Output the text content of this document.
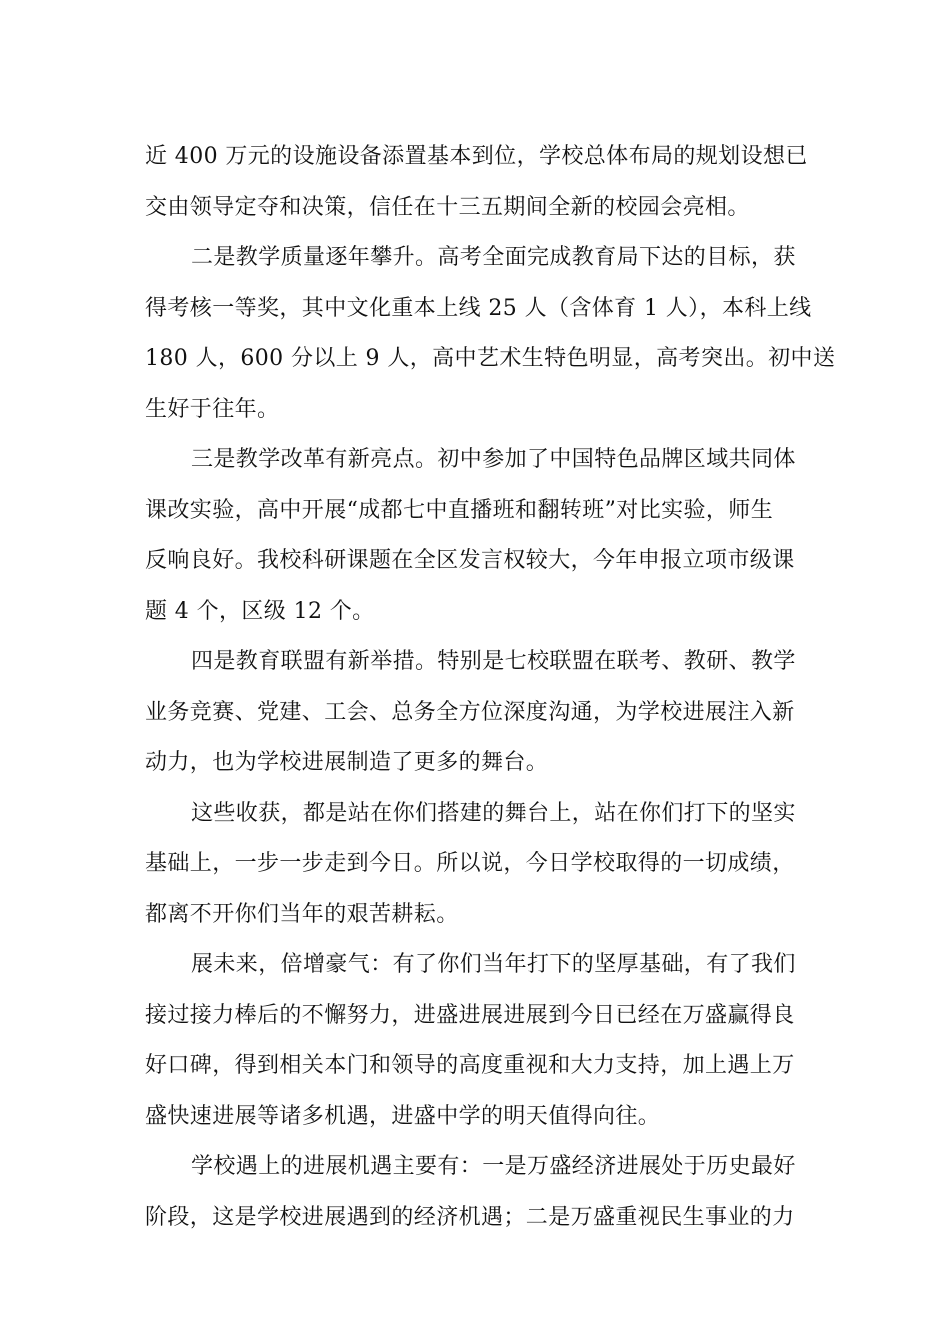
近 400 万元的设施设备添置基本到位，学校总体布局的规划设想已
交由领导定夺和决策，信任在十三五期间全新的校园会亮相。
二是教学质量逐年攀升。高考全面完成教育局下达的目标，获
得考核一等奖，其中文化重本上线 25 人（含体育 1 人），本科上线
180 人，600 分以上 9 人，高中艺术生特色明显，高考突出。初中送
生好于往年。
三是教学改革有新亮点。初中参加了中国特色品牌区域共同体
课改实验，高中开展“成都七中直播班和翻转班”对比实验，师生
反响良好。我校科研课题在全区发言权较大，今年申报立项市级课
题 4 个，区级 12 个。
四是教育联盟有新举措。特别是七校联盟在联考、教研、教学
业务竞赛、党建、工会、总务全方位深度沟通，为学校进展注入新
动力，也为学校进展制造了更多的舞台。
这些收获，都是站在你们搭建的舞台上，站在你们打下的坚实
基础上，一步一步走到今日。所以说，今日学校取得的一切成绩，
都离不开你们当年的艰苦耕耘。
展未来，倍增豪气：有了你们当年打下的坚厚基础，有了我们
接过接力棒后的不懈努力，进盛进展进展到今日已经在万盛赢得良
好口碑，得到相关本门和领导的高度重视和大力支持，加上遇上万
盛快速进展等诸多机遇，进盛中学的明天值得向往。
学校遇上的进展机遇主要有：一是万盛经济进展处于历史最好
阶段，这是学校进展遇到的经济机遇；二是万盛重视民生事业的力
